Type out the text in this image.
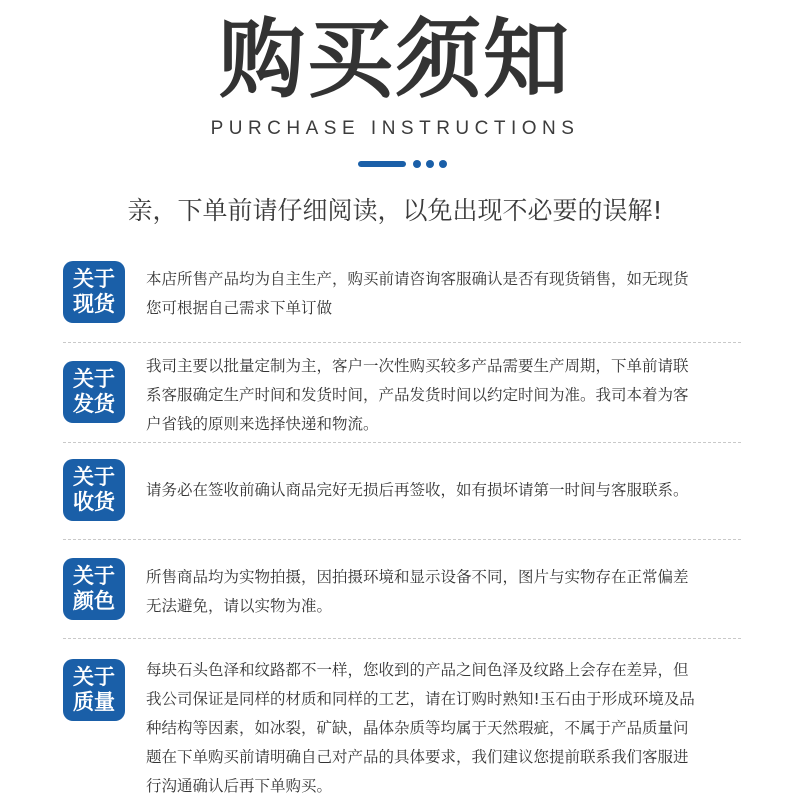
购买须知
PURCHASE INSTRUCTIONS
亲，下单前请仔细阅读，以免出现不必要的误解!
关于
现货

本店所售产品均为自主生产，购买前请咨询客服确认是否有现货销售，如无现货
您可根据自己需求下单订做

关于
发货

我司主要以批量定制为主，客户一次性购买较多产品需要生产周期，下单前请联
系客服确定生产时间和发货时间，产品发货时间以约定时间为准。我司本着为客
户省钱的原则来选择快递和物流。

关于
收货	请务必在签收前确认商品完好无损后再签收，如有损坏请第一时间与客服联系。

关于
颜色

所售商品均为实物拍摄，因拍摄环境和显示设备不同，图片与实物存在正常偏差
无法避免，请以实物为准。

关于
质量

每块石头色泽和纹路都不一样，您收到的产品之间色泽及纹路上会存在差异，但
我公司保证是同样的材质和同样的工艺，请在订购时熟知!玉石由于形成环境及品
种结构等因素，如冰裂，矿缺，晶体杂质等均属于天然瑕疵，不属于产品质量问
题在下单购买前请明确自己对产品的具体要求，我们建议您提前联系我们客服进
行沟通确认后再下单购买。
